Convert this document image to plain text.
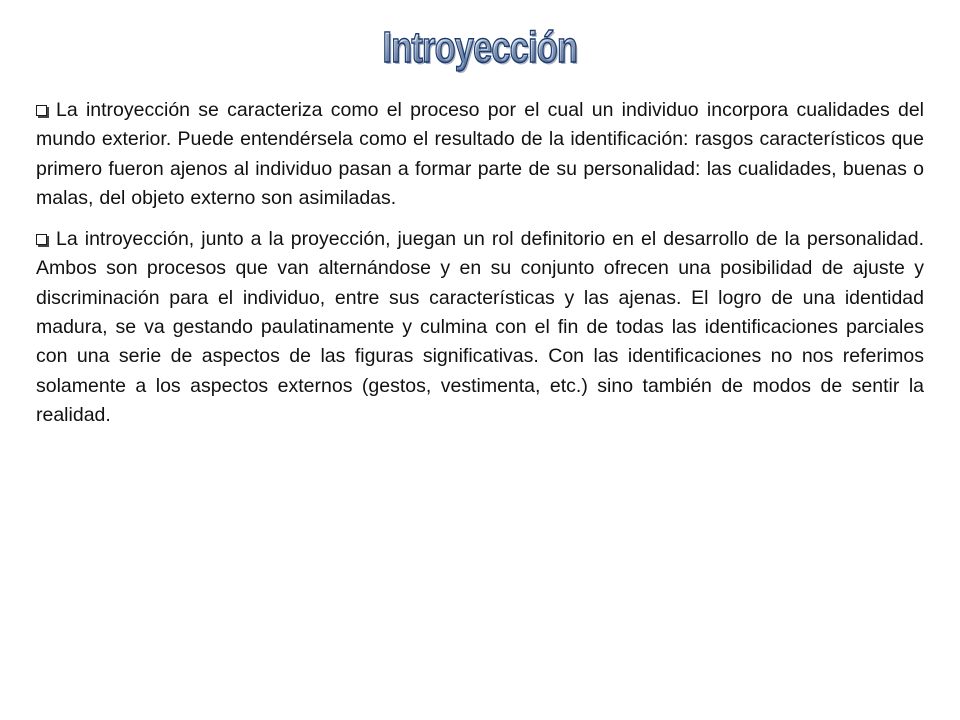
Introyección

La introyección se caracteriza como el proceso por el cual un individuo incorpora cualidades del mundo exterior. Puede entendérsela como el resultado de la identificación: rasgos característicos que primero fueron ajenos al individuo pasan a formar parte de su personalidad: las cualidades, buenas o malas, del objeto externo son asimiladas.

La introyección, junto a la proyección, juegan un rol definitorio en el desarrollo de la personalidad. Ambos son procesos que van alternándose y en su conjunto ofrecen una posibilidad de ajuste y discriminación para el individuo, entre sus características y las ajenas. El logro de una identidad madura, se va gestando paulatinamente y culmina con el fin de todas las identificaciones parciales con una serie de aspectos de las figuras significativas. Con las identificaciones no nos referimos solamente a los aspectos externos (gestos, vestimenta, etc.) sino también de modos de sentir la realidad.
